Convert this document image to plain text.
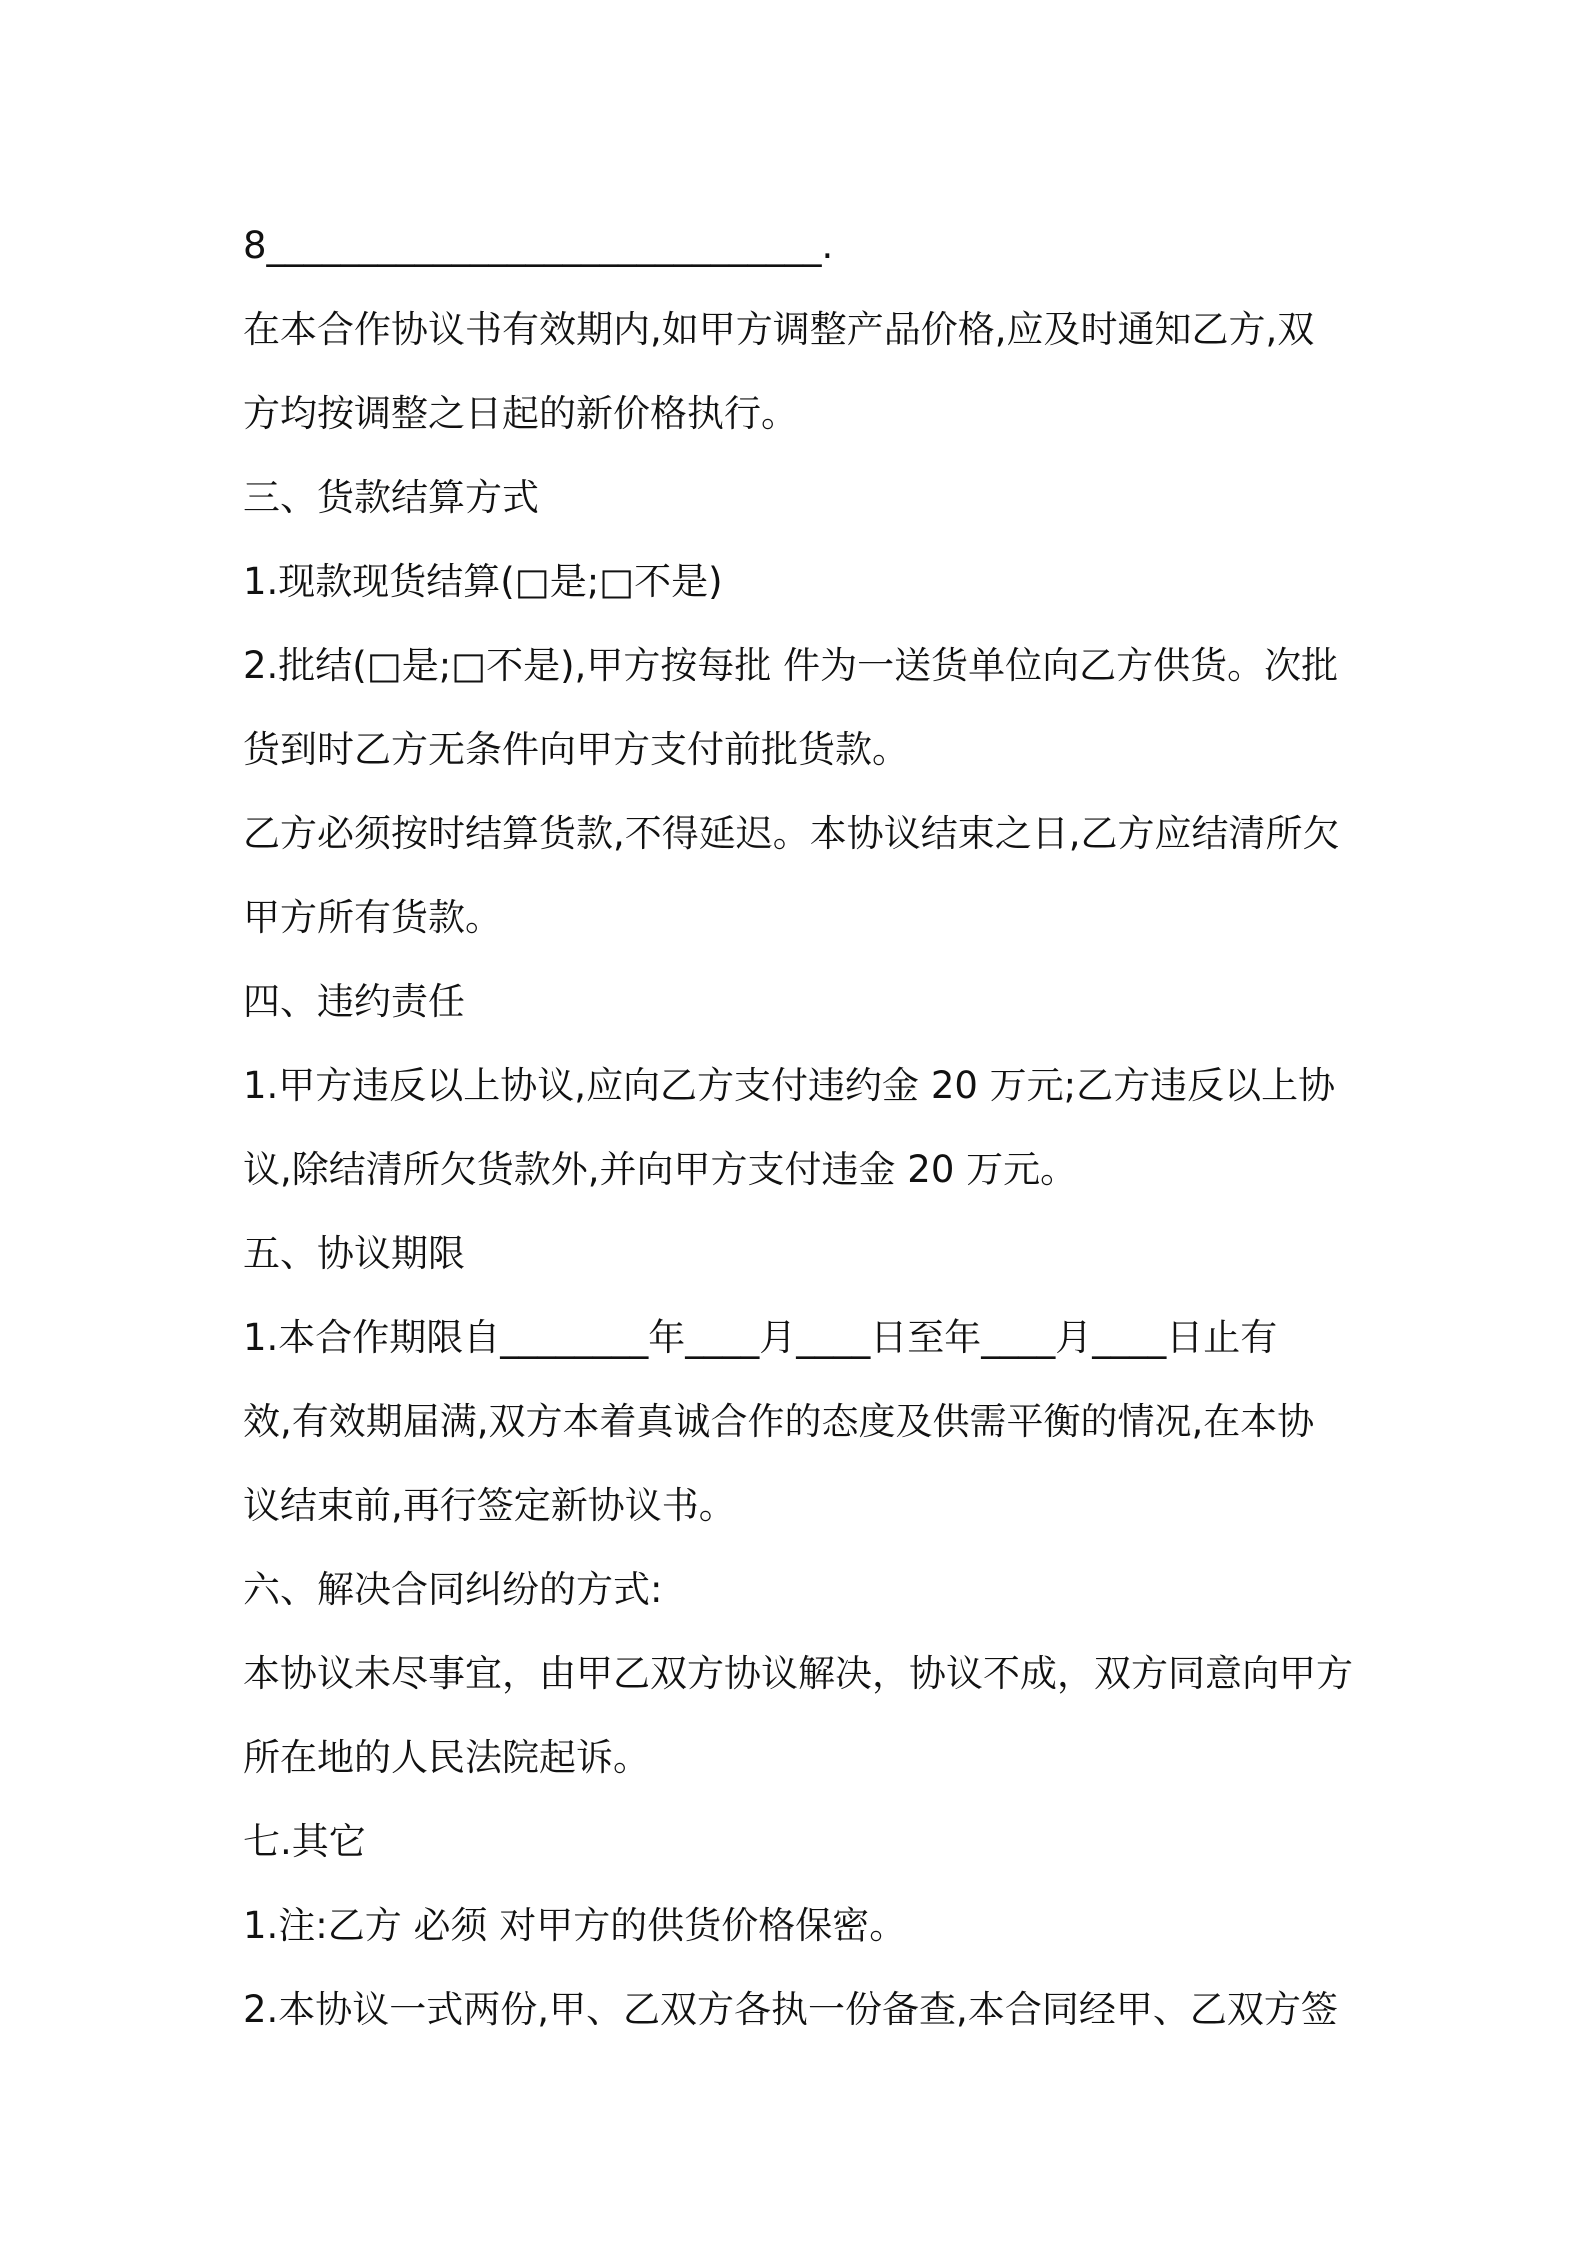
8______________________________.
在本合作协议书有效期内,如甲方调整产品价格,应及时通知乙方,双
方均按调整之日起的新价格执行。
三、货款结算方式
1.现款现货结算(□是;□不是)
2.批结(□是;□不是),甲方按每批 件为一送货单位向乙方供货。次批
货到时乙方无条件向甲方支付前批货款。
乙方必须按时结算货款,不得延迟。本协议结束之日,乙方应结清所欠
甲方所有货款。
四、违约责任
1.甲方违反以上协议,应向乙方支付违约金 20 万元;乙方违反以上协
议,除结清所欠货款外,并向甲方支付违金 20 万元。
五、协议期限
1.本合作期限自________年____月____日至年____月____日止有
效,有效期届满,双方本着真诚合作的态度及供需平衡的情况,在本协
议结束前,再行签定新协议书。
六、解决合同纠纷的方式:
本协议未尽事宜，由甲乙双方协议解决，协议不成，双方同意向甲方
所在地的人民法院起诉。
七.其它
1.注:乙方 必须 对甲方的供货价格保密。
2.本协议一式两份,甲、乙双方各执一份备查,本合同经甲、乙双方签
